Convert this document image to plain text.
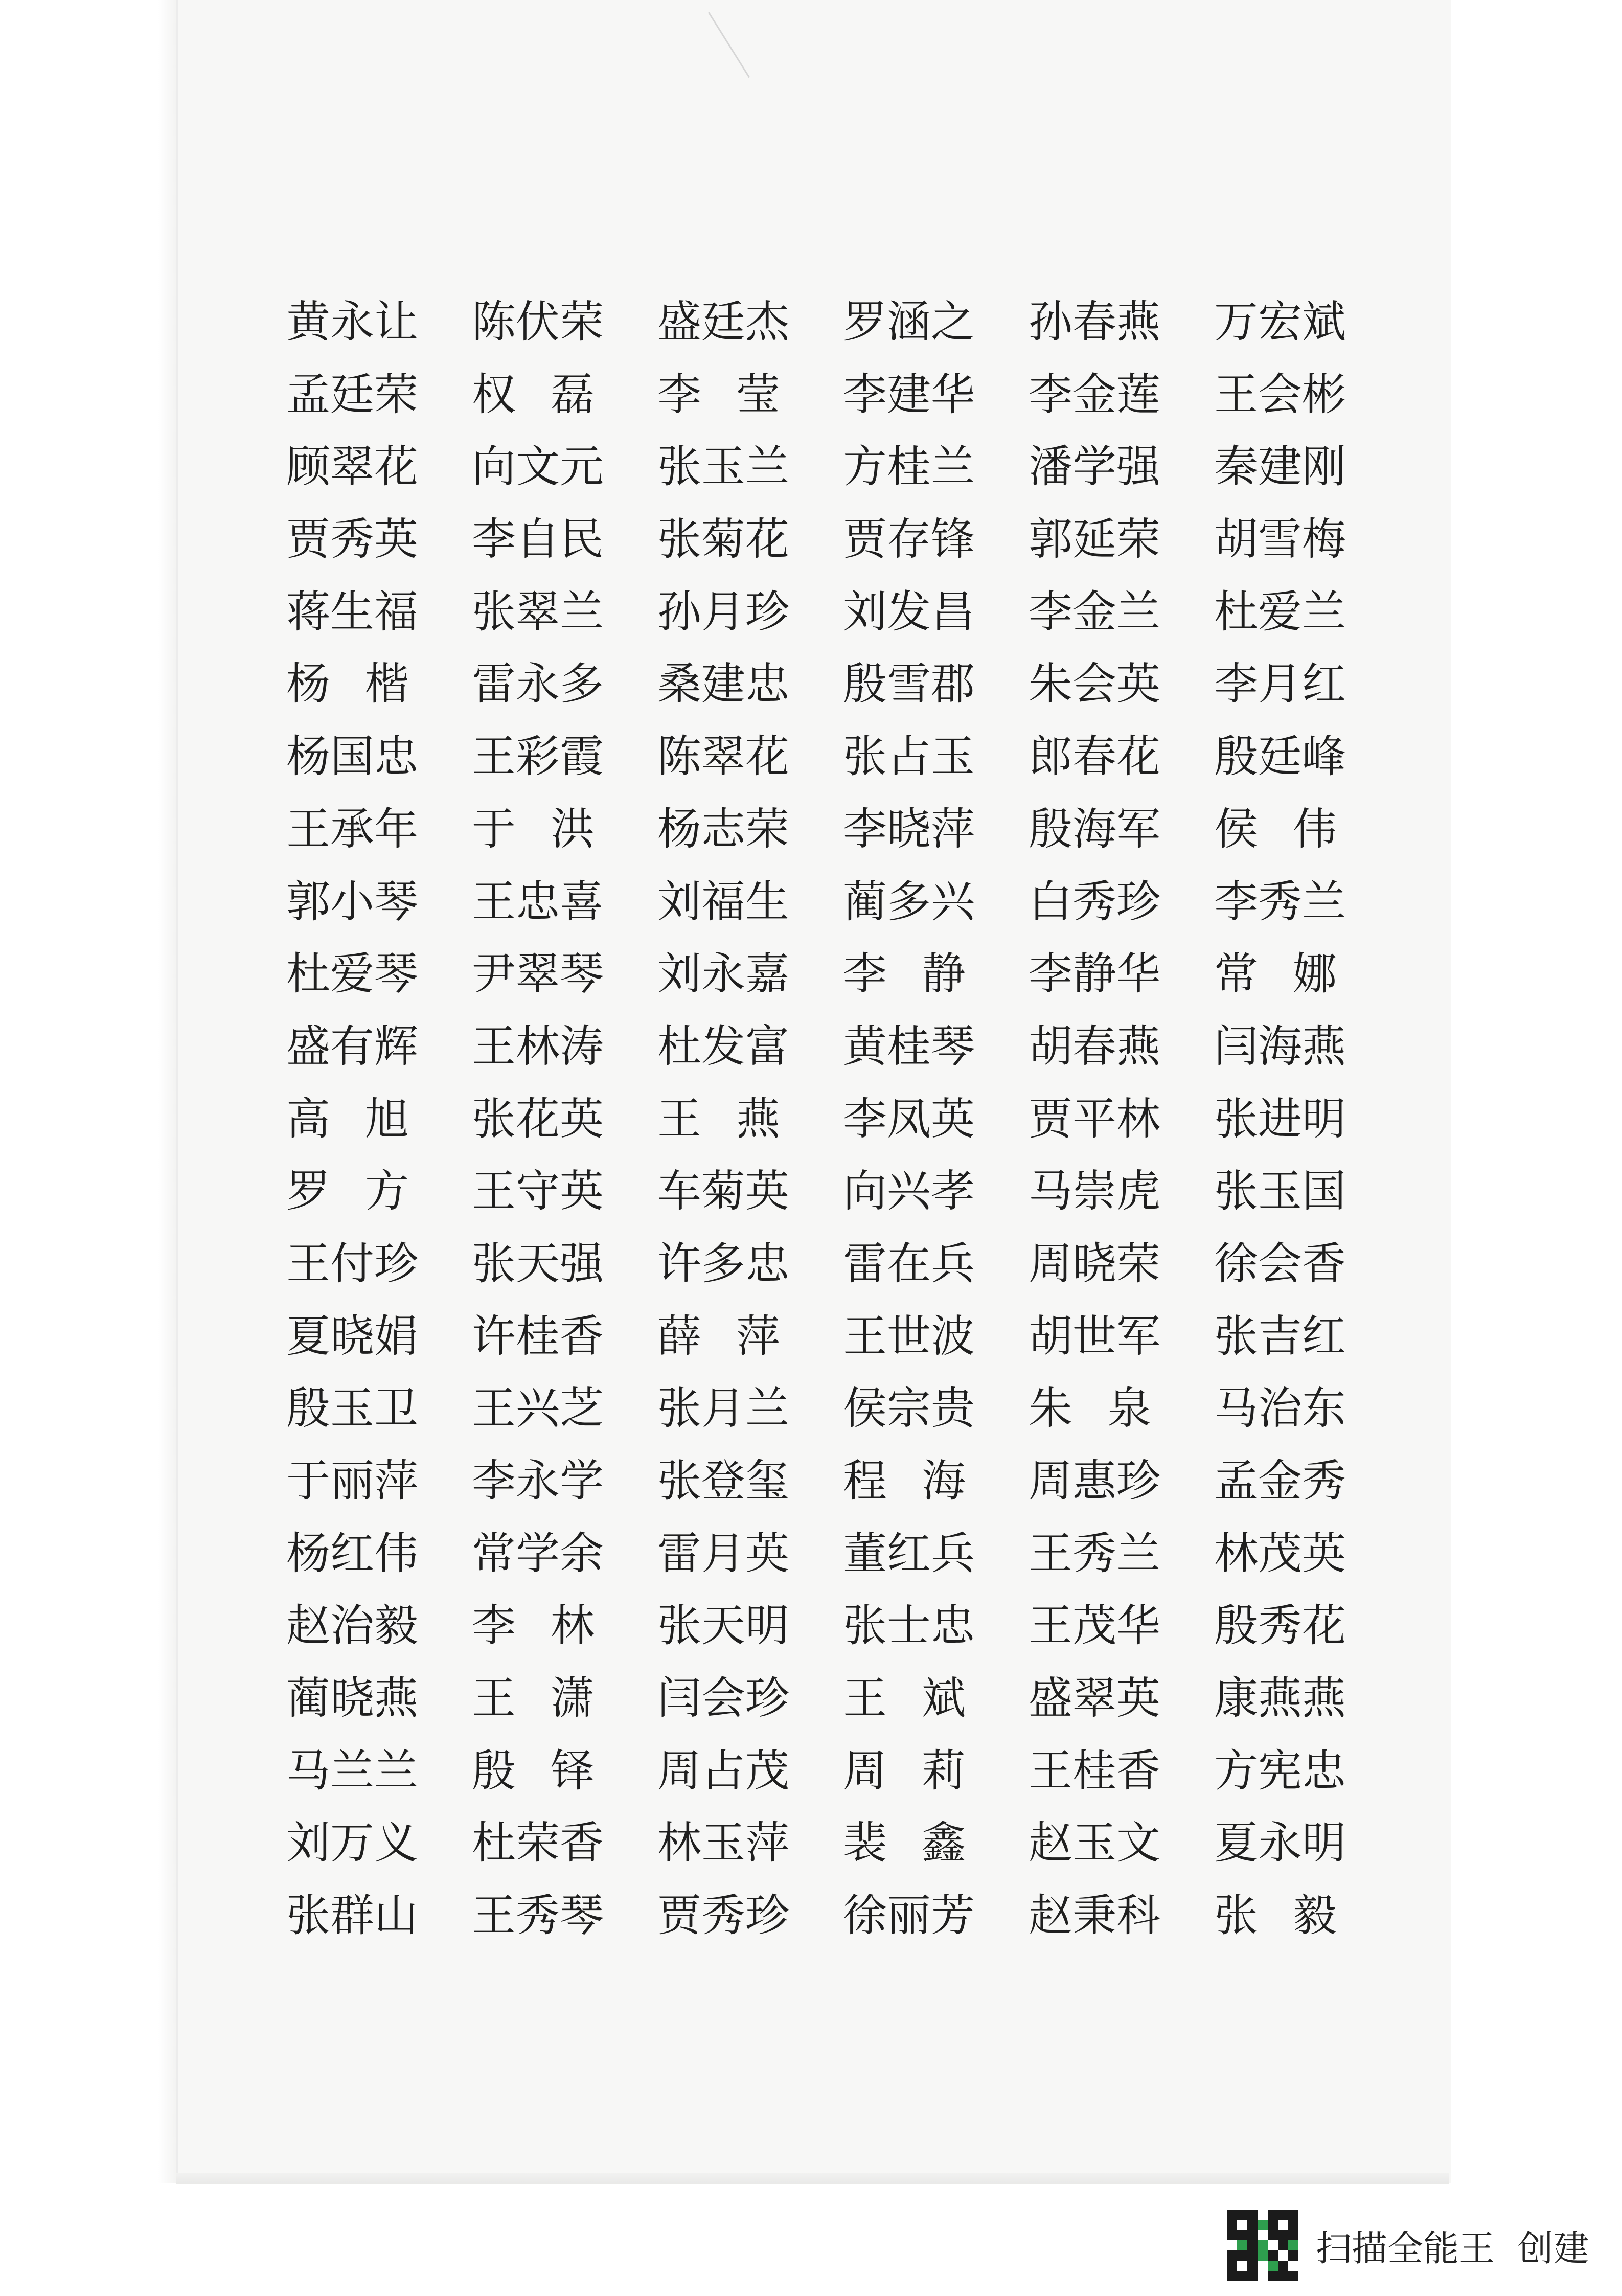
黄永让 陈伏荣 盛廷杰 罗涵之 孙春燕 万宏斌
孟廷荣 权磊 李莹 李建华 李金莲 王会彬
顾翠花 向文元 张玉兰 方桂兰 潘学强 秦建刚
贾秀英 李自民 张菊花 贾存锋 郭延荣 胡雪梅
蒋生福 张翠兰 孙月珍 刘发昌 李金兰 杜爱兰
杨楷 雷永多 桑建忠 殷雪郡 朱会英 李月红
杨国忠 王彩霞 陈翠花 张占玉 郎春花 殷廷峰
王承年 于洪 杨志荣 李晓萍 殷海军 侯伟
郭小琴 王忠喜 刘福生 蔺多兴 白秀珍 李秀兰
杜爱琴 尹翠琴 刘永嘉 李静 李静华 常娜
盛有辉 王林涛 杜发富 黄桂琴 胡春燕 闫海燕
高旭 张花英 王燕 李凤英 贾平林 张进明
罗方 王守英 车菊英 向兴孝 马崇虎 张玉国
王付珍 张天强 许多忠 雷在兵 周晓荣 徐会香
夏晓娟 许桂香 薛萍 王世波 胡世军 张吉红
殷玉卫 王兴芝 张月兰 侯宗贵 朱泉 马治东
于丽萍 李永学 张登玺 程海 周惠珍 孟金秀
杨红伟 常学余 雷月英 董红兵 王秀兰 林茂英
赵治毅 李林 张天明 张士忠 王茂华 殷秀花
蔺晓燕 王潇 闫会珍 王斌 盛翠英 康燕燕
马兰兰 殷铎 周占茂 周莉 王桂香 方宪忠
刘万义 杜荣香 林玉萍 裴鑫 赵玉文 夏永明
张群山 王秀琴 贾秀珍 徐丽芳 赵秉科 张毅
扫描全能王  创建
